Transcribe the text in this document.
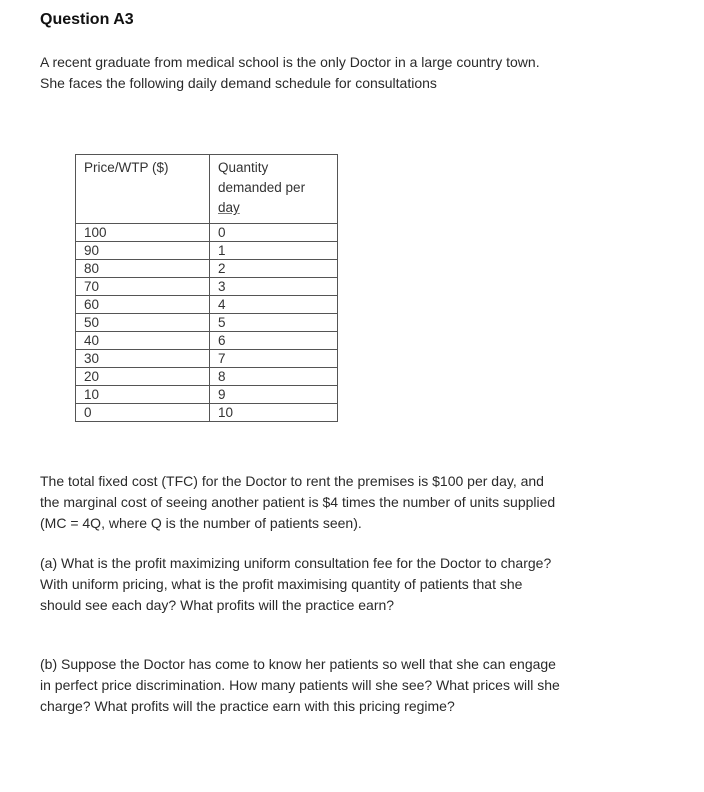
Question A3

A recent graduate from medical school is the only Doctor in a large country town.
She faces the following daily demand schedule for consultations

Price/WTP ($)	Quantity
demanded per
day
100	0
90	1
80	2
70	3
60	4
50	5
40	6
30	7
20	8
10	9
0	10

The total fixed cost (TFC) for the Doctor to rent the premises is $100 per day, and
the marginal cost of seeing another patient is $4 times the number of units supplied
(MC = 4Q, where Q is the number of patients seen).

(a) What is the profit maximizing uniform consultation fee for the Doctor to charge?
With uniform pricing, what is the profit maximising quantity of patients that she
should see each day? What profits will the practice earn?

(b) Suppose the Doctor has come to know her patients so well that she can engage
in perfect price discrimination. How many patients will she see? What prices will she
charge? What profits will the practice earn with this pricing regime?
